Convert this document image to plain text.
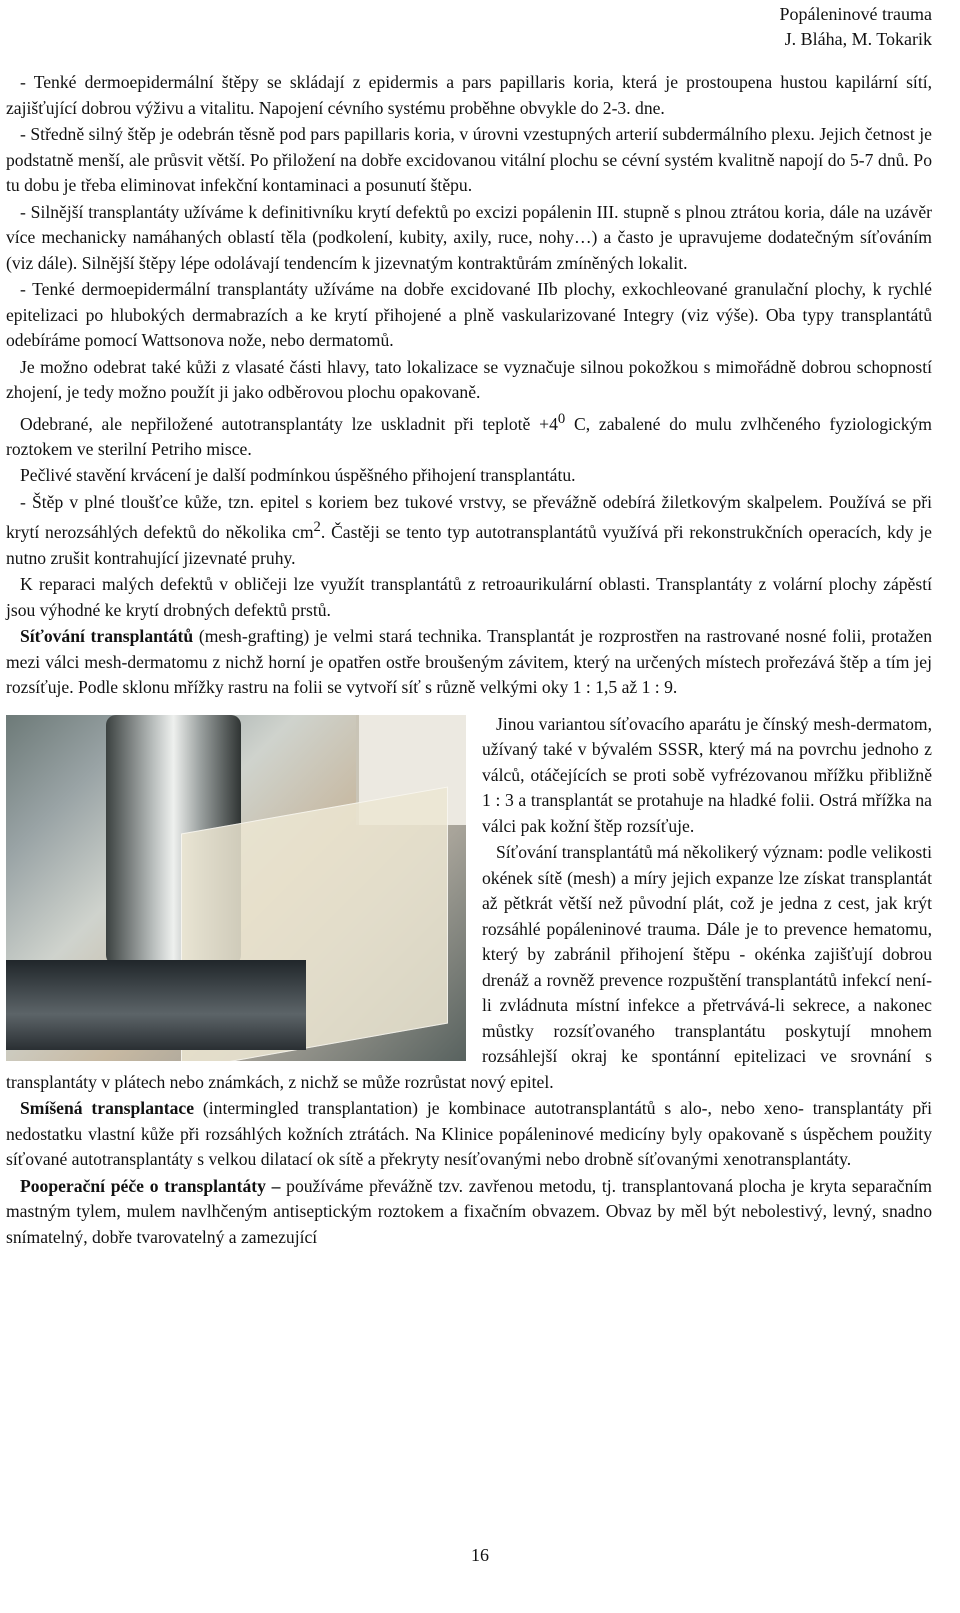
Popáleninové trauma
J. Bláha, M. Tokarik

- Tenké dermoepidermální štěpy se skládají z epidermis a pars papillaris koria, která je prostoupena hustou kapilární sítí, zajišťující dobrou výživu a vitalitu. Napojení cévního systému proběhne obvykle do 2-3. dne.

- Středně silný štěp je odebrán těsně pod pars papillaris koria, v úrovni vzestupných arterií subdermálního plexu. Jejich četnost je podstatně menší, ale průsvit větší. Po přiložení na dobře excidovanou vitální plochu se cévní systém kvalitně napojí do 5-7 dnů. Po tu dobu je třeba eliminovat infekční kontaminaci a posunutí štěpu.

- Silnější transplantáty užíváme k definitivníku krytí defektů po excizi popálenin III. stupně s plnou ztrátou koria, dále na uzávěr více mechanicky namáhaných oblastí těla (podkolení, kubity, axily, ruce, nohy…) a často je upravujeme dodatečným síťováním (viz dále). Silnější štěpy lépe odolávají tendencím k jizevnatým kontraktůrám zmíněných lokalit.

- Tenké dermoepidermální transplantáty užíváme na dobře excidované IIb plochy, exkochleované granulační plochy, k rychlé epitelizaci po hlubokých dermabrazích a ke krytí přihojené a plně vaskularizované Integry (viz výše). Oba typy transplantátů odebíráme pomocí Wattsonova nože, nebo dermatomů.

Je možno odebrat také kůži z vlasaté části hlavy, tato lokalizace se vyznačuje silnou pokožkou s mimořádně dobrou schopností zhojení, je tedy možno použít ji jako odběrovou plochu opakovaně.

Odebrané, ale nepřiložené autotransplantáty lze uskladnit při teplotě $+4^0$ C, zabalené do mulu zvlhčeného fyziologickým roztokem ve sterilní Petriho misce.

Pečlivé stavění krvácení je další podmínkou úspěšného přihojení transplantátu.

- Štěp v plné tloušťce kůže, tzn. epitel s koriem bez tukové vrstvy, se převážně odebírá žiletkovým skalpelem. Používá se při krytí nerozsáhlých defektů do několika $cm^2$. Častěji se tento typ autotransplantátů využívá při rekonstrukčních operacích, kdy je nutno zrušit kontrahující jizevnaté pruhy.

K reparaci malých defektů v obličeji lze využít transplantátů z retroaurikulární oblasti. Transplantáty z volární plochy zápěstí jsou výhodné ke krytí drobných defektů prstů.

Síťování transplantátů (mesh-grafting) je velmi stará technika. Transplantát je rozprostřen na rastrované nosné folii, protažen mezi válci mesh-dermatomu z nichž horní je opatřen ostře broušeným závitem, který na určených místech prořezává štěp a tím jej rozsíťuje. Podle sklonu mřížky rastru na folii se vytvoří síť s různě velkými oky 1 : 1,5 až 1 : 9.

Jinou variantou síťovacího aparátu je čínský mesh-dermatom, užívaný také v bývalém SSSR, který má na povrchu jednoho z válců, otáčejících se proti sobě vyfrézovanou mřížku přibližně 1 : 3 a transplantát se protahuje na hladké folii. Ostrá mřížka na válci pak kožní štěp rozsíťuje.

Síťování transplantátů má několikerý význam: podle velikosti okének sítě (mesh) a míry jejich expanze lze získat transplantát až pětkrát větší než původní plát, což je jedna z cest, jak krýt rozsáhlé popáleninové trauma. Dále je to prevence hematomu, který by zabránil přihojení štěpu - okénka zajišťují dobrou drenáž a rovněž prevence rozpuštění transplantátů infekcí není-li zvládnuta místní infekce a přetrvává-li sekrece, a nakonec můstky rozsíťovaného transplantátu poskytují mnohem rozsáhlejší okraj ke spontánní epitelizaci ve srovnání s transplantáty v plátech nebo známkách, z nichž se může rozrůstat nový epitel.

Smíšená transplantace (intermingled transplantation) je kombinace autotransplantátů s alo-, nebo xeno- transplantáty při nedostatku vlastní kůže při rozsáhlých kožních ztrátách. Na Klinice popáleninové medicíny byly opakovaně s úspěchem použity síťované autotransplantáty s velkou dilatací ok sítě a překryty nesíťovanými nebo drobně síťovanými xenotransplantáty.

Pooperační péče o transplantáty – používáme převážně tzv. zavřenou metodu, tj. transplantovaná plocha je kryta separačním mastným tylem, mulem navlhčeným antiseptickým roztokem a fixačním obvazem. Obvaz by měl být nebolestivý, levný, snadno snímatelný, dobře tvarovatelný a zamezující

16
